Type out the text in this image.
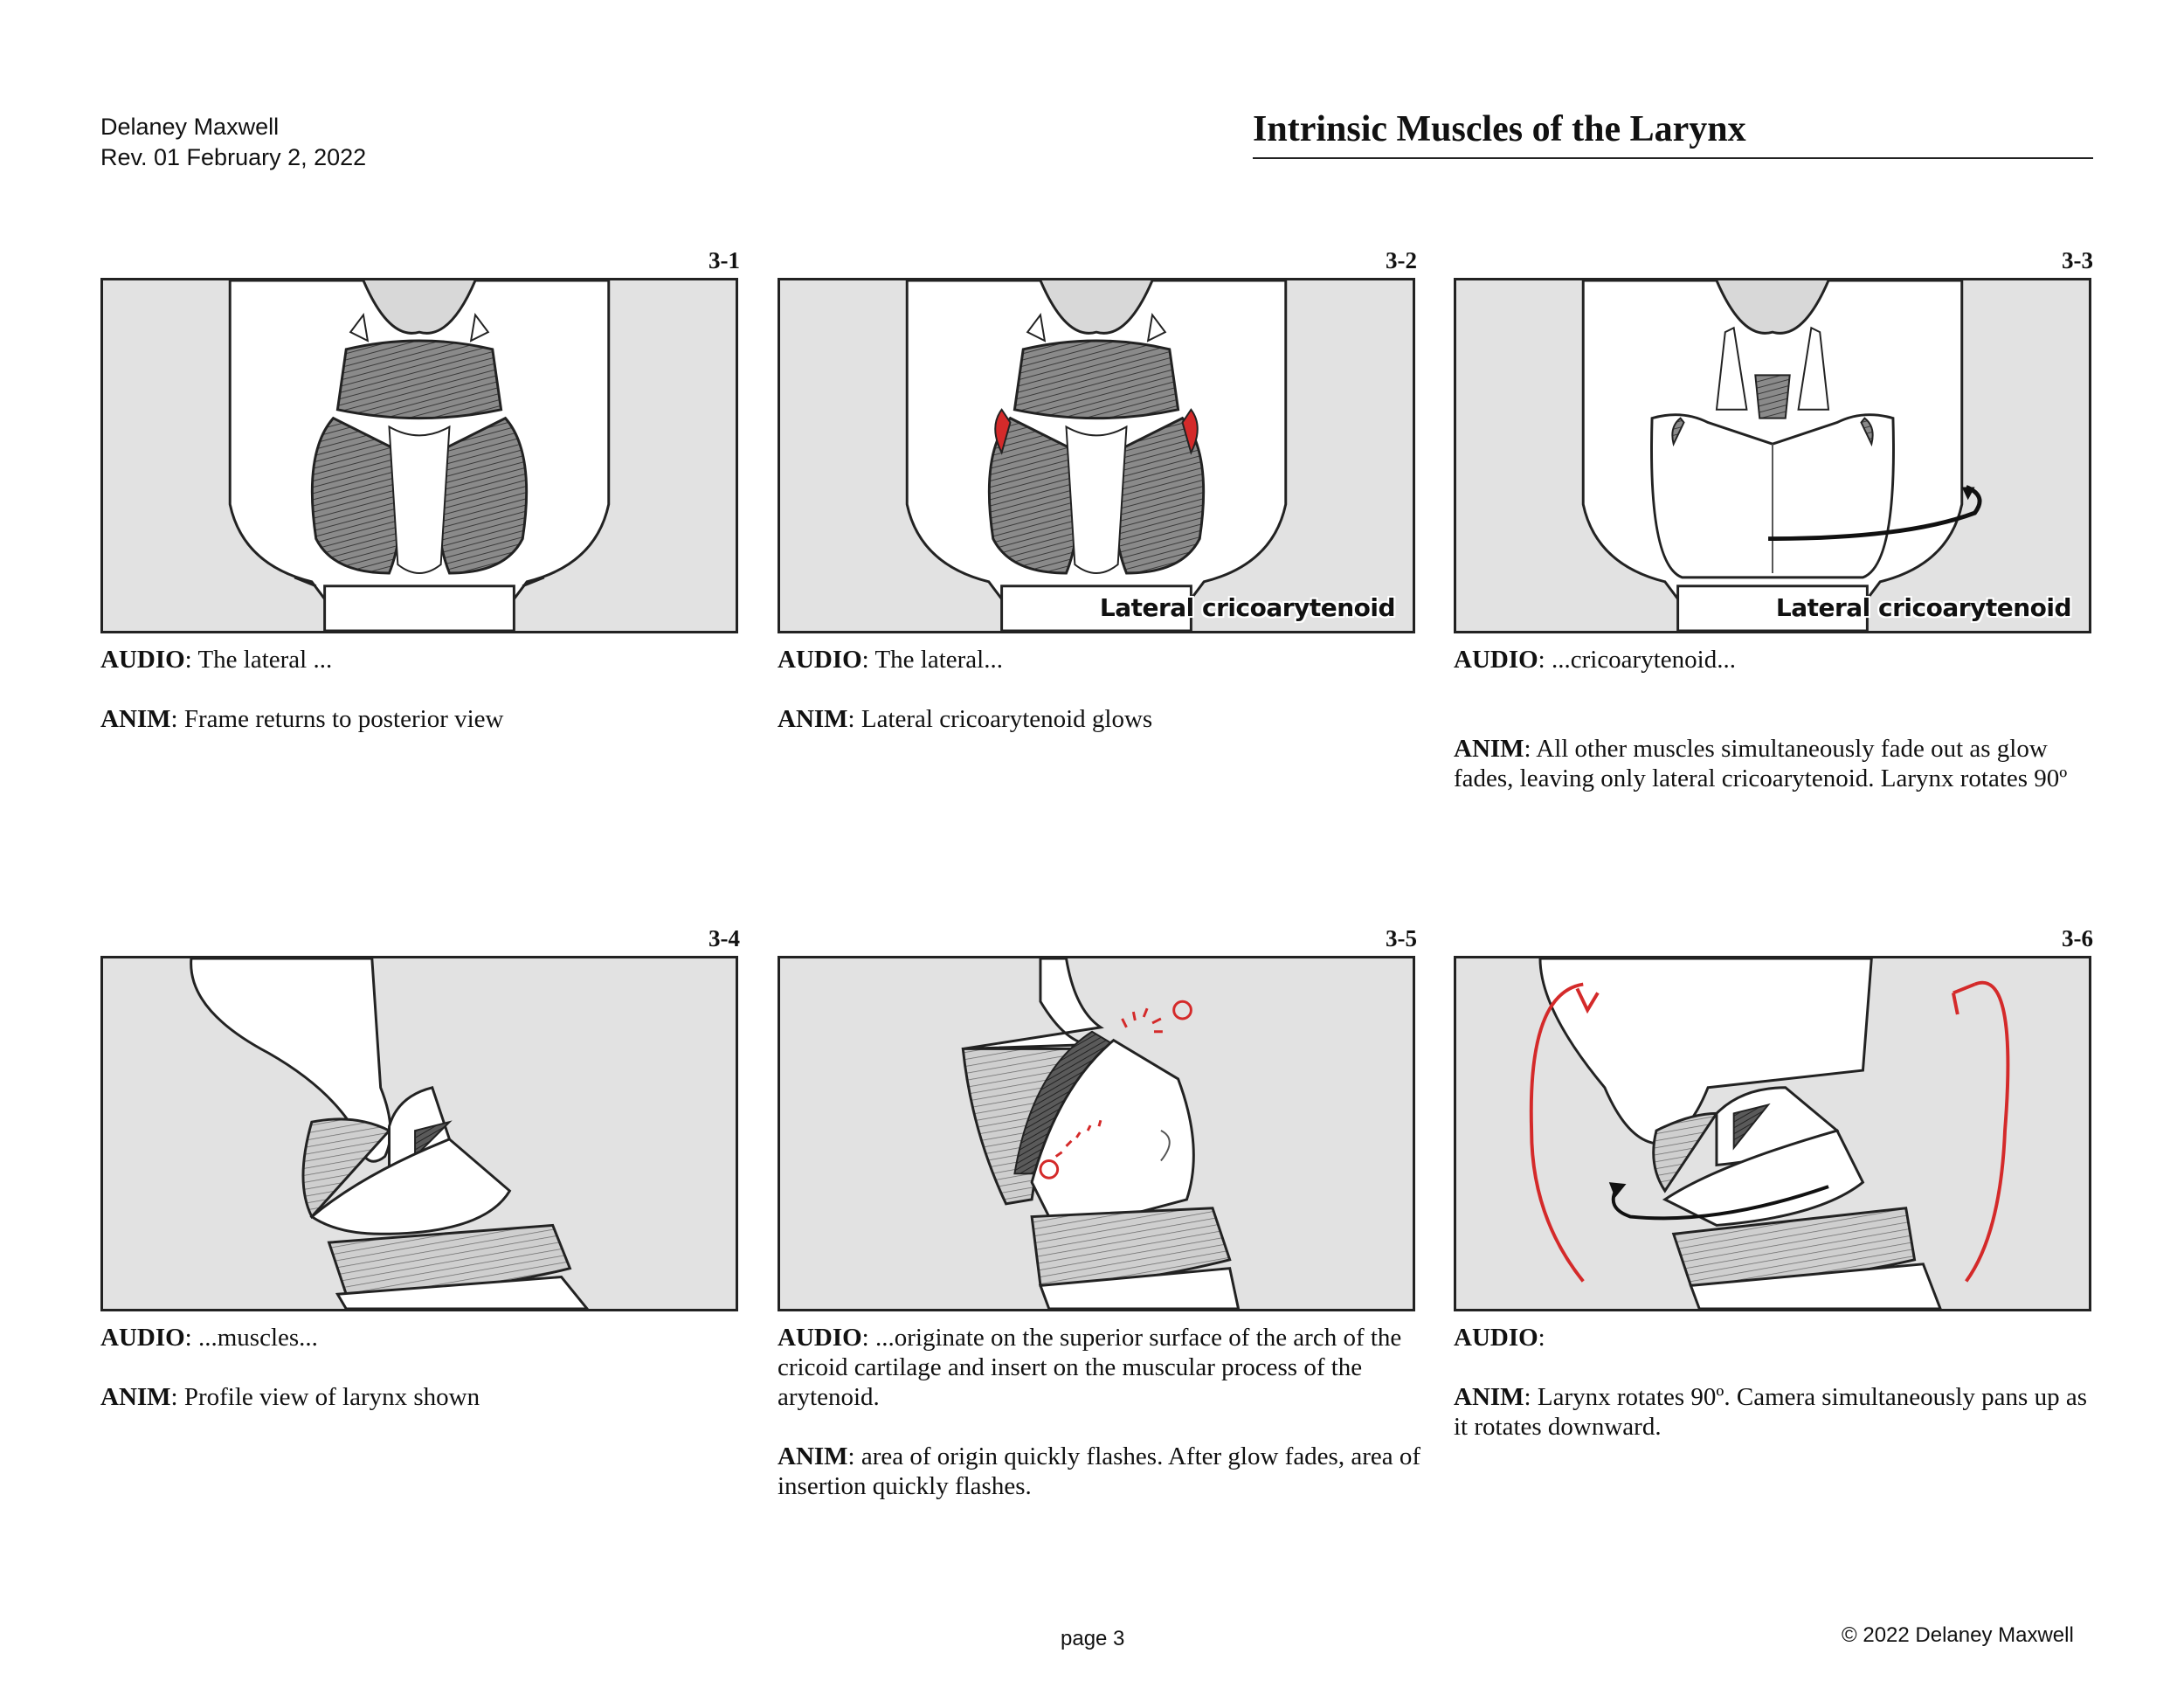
Delaney Maxwell
Rev. 01 February 2, 2022
Intrinsic Muscles of the Larynx
3-1

AUDIO: The lateral ...

ANIM: Frame returns to posterior view

3-2
Lateral cricoarytenoid

AUDIO: The lateral...

ANIM: Lateral cricoarytenoid glows

3-3
Lateral cricoarytenoid

AUDIO: ...cricoarytenoid...

ANIM: All other muscles simultaneously fade out as glow fades, leaving only lateral cricoarytenoid. Larynx rotates 90º

3-4

AUDIO: ...muscles...

ANIM: Profile view of larynx shown

3-5

AUDIO: ...originate on the superior surface of the arch of the cricoid cartilage and insert on the muscular process of the arytenoid.

ANIM: area of origin quickly flashes. After glow fades, area of insertion quickly flashes.

3-6

AUDIO:

ANIM: Larynx rotates 90º. Camera simultaneously pans up as it rotates downward.

page 3	© 2022 Delaney Maxwell
